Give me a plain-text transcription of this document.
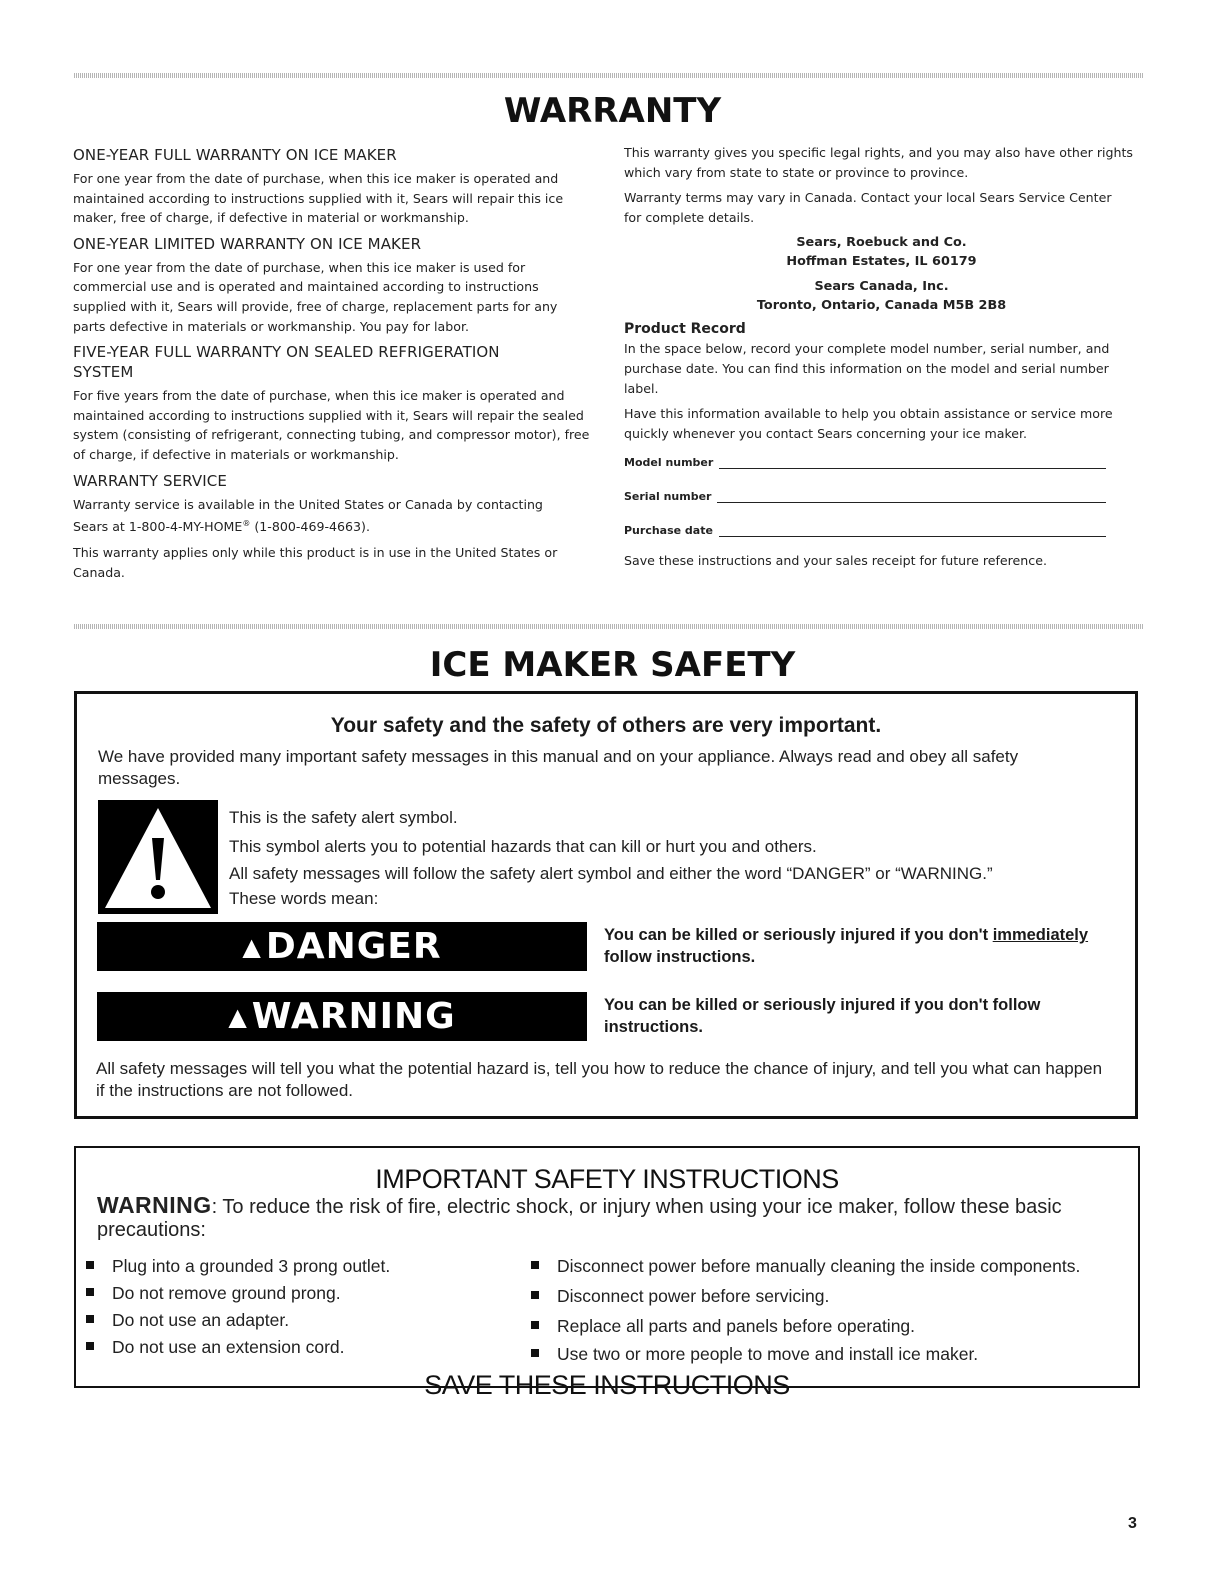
WARRANTY
ONE-YEAR FULL WARRANTY ON ICE MAKER

For one year from the date of purchase, when this ice maker is operated and maintained according to instructions supplied with it, Sears will repair this ice maker, free of charge, if defective in material or workmanship.

ONE-YEAR LIMITED WARRANTY ON ICE MAKER

For one year from the date of purchase, when this ice maker is used for commercial use and is operated and maintained according to instructions supplied with it, Sears will provide, free of charge, replacement parts for any parts defective in materials or workmanship. You pay for labor.

FIVE-YEAR FULL WARRANTY ON SEALED REFRIGERATION SYSTEM

For five years from the date of purchase, when this ice maker is operated and maintained according to instructions supplied with it, Sears will repair the sealed system (consisting of refrigerant, connecting tubing, and compressor motor), free of charge, if defective in materials or workmanship.

WARRANTY SERVICE

Warranty service is available in the United States or Canada by contacting Sears at 1-800-4-MY-HOME® (1-800-469-4663).

This warranty applies only while this product is in use in the United States or Canada.

This warranty gives you specific legal rights, and you may also have other rights which vary from state to state or province to province.

Warranty terms may vary in Canada. Contact your local Sears Service Center for complete details.

Sears, Roebuck and Co.

Hoffman Estates, IL 60179

Sears Canada, Inc.

Toronto, Ontario, Canada M5B 2B8

Product Record

In the space below, record your complete model number, serial number, and purchase date. You can find this information on the model and serial number label.

Have this information available to help you obtain assistance or service more quickly whenever you contact Sears concerning your ice maker.

Model number
Serial number
Purchase date

Save these instructions and your sales receipt for future reference.

ICE MAKER SAFETY
Your safety and the safety of others are very important.
We have provided many important safety messages in this manual and on your appliance. Always read and obey all safety messages.
This is the safety alert symbol.
This symbol alerts you to potential hazards that can kill or hurt you and others.
All safety messages will follow the safety alert symbol and either the word “DANGER” or “WARNING.”
These words mean:
▲ DANGER	You can be killed or seriously injured if you don't immediately
follow instructions.
▲ WARNING	You can be killed or seriously injured if you don't follow instructions.
All safety messages will tell you what the potential hazard is, tell you how to reduce the chance of injury, and tell you what can happen if the instructions are not followed.
IMPORTANT SAFETY INSTRUCTIONS
WARNING: To reduce the risk of fire, electric shock, or injury when using your ice maker, follow these basic precautions:
Plug into a grounded 3 prong outlet.
Do not remove ground prong.
Do not use an adapter.
Do not use an extension cord.
Disconnect power before manually cleaning the inside components.
Disconnect power before servicing.
Replace all parts and panels before operating.
Use two or more people to move and install ice maker.
SAVE THESE INSTRUCTIONS
3
